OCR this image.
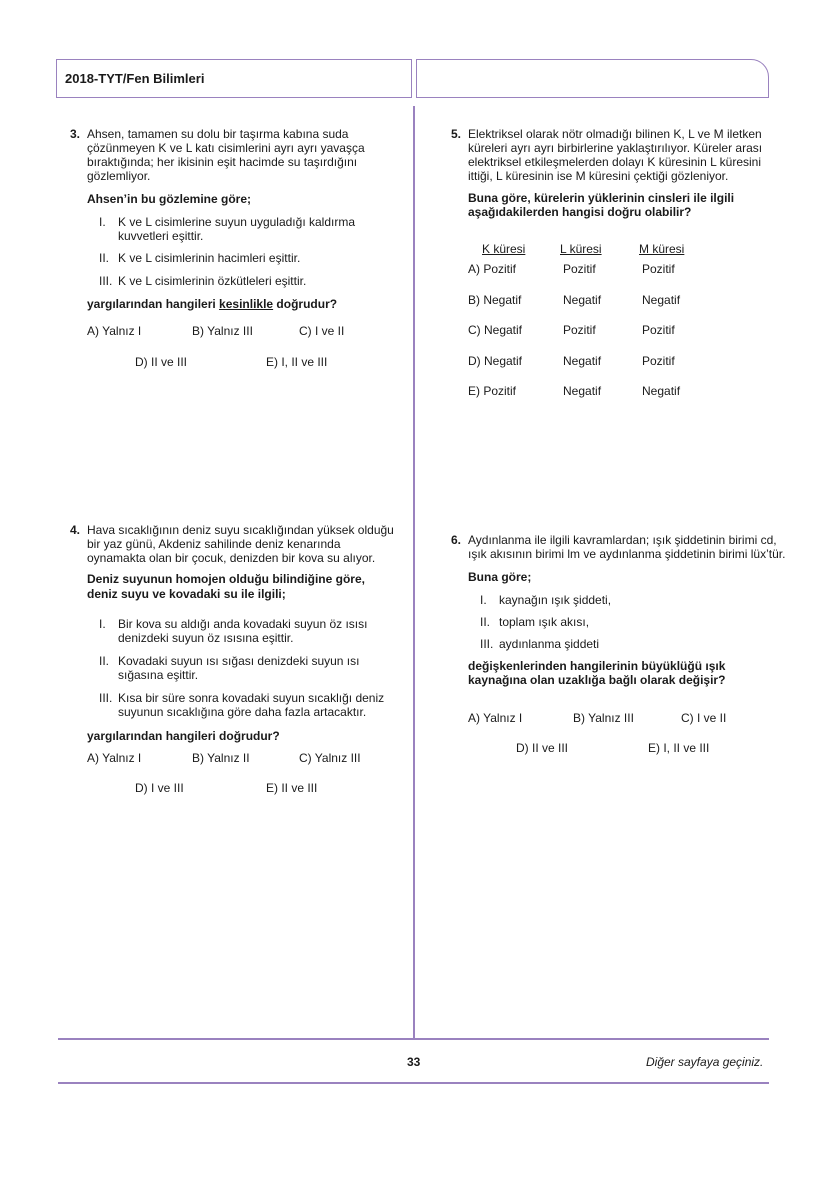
2018-TYT/Fen Bilimleri
3. Ahsen, tamamen su dolu bir taşırma kabına suda çözünmeyen K ve L katı cisimlerini ayrı ayrı yavaşça bıraktığında; her ikisinin eşit hacimde su taşırdığını gözlemliyor.

Ahsen’in bu gözlemine göre;

I. K ve L cisimlerine suyun uyguladığı kaldırma kuvvetleri eşittir.

II. K ve L cisimlerinin hacimleri eşittir.

III. K ve L cisimlerinin özkütleleri eşittir.

yargılarından hangileri kesinlikle doğrudur?

A) Yalnız I	B) Yalnız III	C) I ve II
D) II ve III	E) I, II ve III
4. Hava sıcaklığının deniz suyu sıcaklığından yüksek olduğu bir yaz günü, Akdeniz sahilinde deniz kenarında oynamakta olan bir çocuk, denizden bir kova su alıyor.

Deniz suyunun homojen olduğu bilindiğine göre, deniz suyu ve kovadaki su ile ilgili;

I. Bir kova su aldığı anda kovadaki suyun öz ısısı denizdeki suyun öz ısısına eşittir.

II. Kovadaki suyun ısı sığası denizdeki suyun ısı sığasına eşittir.

III. Kısa bir süre sonra kovadaki suyun sıcaklığı deniz suyunun sıcaklığına göre daha fazla artacaktır.

yargılarından hangileri doğrudur?

A) Yalnız I	B) Yalnız II	C) Yalnız III
D) I ve III	E) II ve III
5. Elektriksel olarak nötr olmadığı bilinen K, L ve M iletken küreleri ayrı ayrı birbirlerine yaklaştırılıyor. Küreler arası elektriksel etkileşmelerden dolayı K küresinin L küresini ittiği, L küresinin ise M küresini çektiği gözleniyor.

Buna göre, kürelerin yüklerinin cinsleri ile ilgili aşağıdakilerden hangisi doğru olabilir?

K küresi	L küresi	M küresi
A) Pozitif	Pozitif	Pozitif
B) Negatif	Negatif	Negatif
C) Negatif	Pozitif	Pozitif
D) Negatif	Negatif	Pozitif
E) Pozitif	Negatif	Negatif
6. Aydınlanma ile ilgili kavramlardan; ışık şiddetinin birimi cd, ışık akısının birimi lm ve aydınlanma şiddetinin birimi lüx’tür.

Buna göre;

I. kaynağın ışık şiddeti,

II. toplam ışık akısı,

III. aydınlanma şiddeti

değişkenlerinden hangilerinin büyüklüğü ışık kaynağına olan uzaklığa bağlı olarak değişir?

A) Yalnız I	B) Yalnız III	C) I ve II
D) II ve III	E) I, II ve III
33	Diğer sayfaya geçiniz.
